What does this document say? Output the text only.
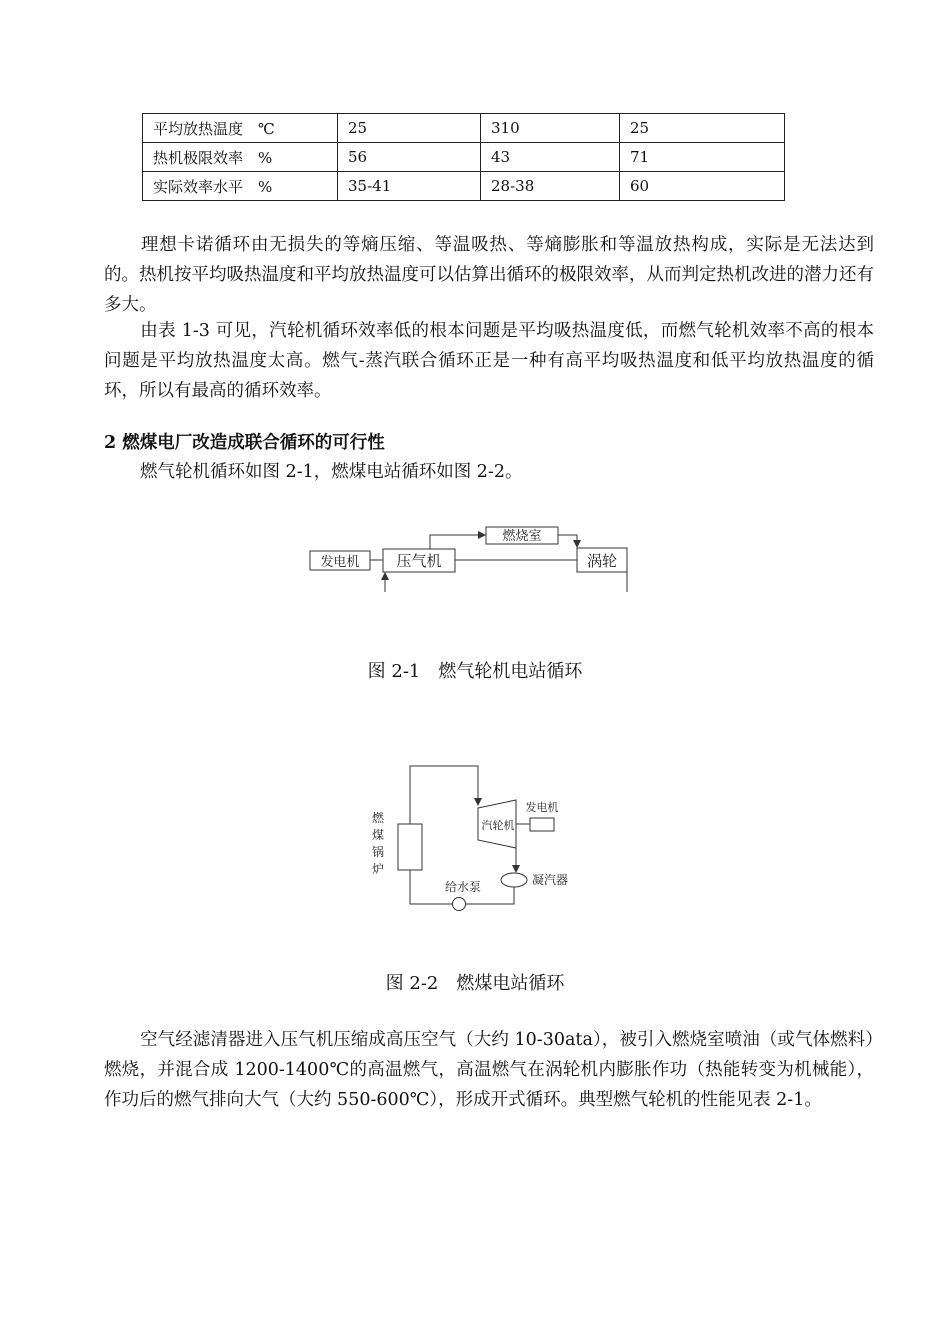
平均放热温度　℃	25	310	25
热机极限效率　%	56	43	71
实际效率水平　%	35-41	28-38	60

理想卡诺循环由无损失的等熵压缩、等温吸热、等熵膨胀和等温放热构成，实际是无法达到的。热机按平均吸热温度和平均放热温度可以估算出循环的极限效率，从而判定热机改进的潜力还有多大。

由表 1-3 可见，汽轮机循环效率低的根本问题是平均吸热温度低，而燃气轮机效率不高的根本问题是平均放热温度太高。燃气-蒸汽联合循环正是一种有高平均吸热温度和低平均放热温度的循环，所以有最高的循环效率。

2 燃煤电厂改造成联合循环的可行性

燃气轮机循环如图 2-1，燃煤电站循环如图 2-2。

发电机 压气机
燃烧室
涡轮

图 2-1　燃气轮机电站循环

燃
煤
锅
炉
汽轮机
发电机
给水泵	凝汽器

图 2-2　燃煤电站循环

空气经滤清器进入压气机压缩成高压空气（大约 10-30ata），被引入燃烧室喷油（或气体燃料）燃烧，并混合成 1200-1400℃的高温燃气，高温燃气在涡轮机内膨胀作功（热能转变为机械能），作功后的燃气排向大气（大约 550-600℃），形成开式循环。典型燃气轮机的性能见表 2-1。
